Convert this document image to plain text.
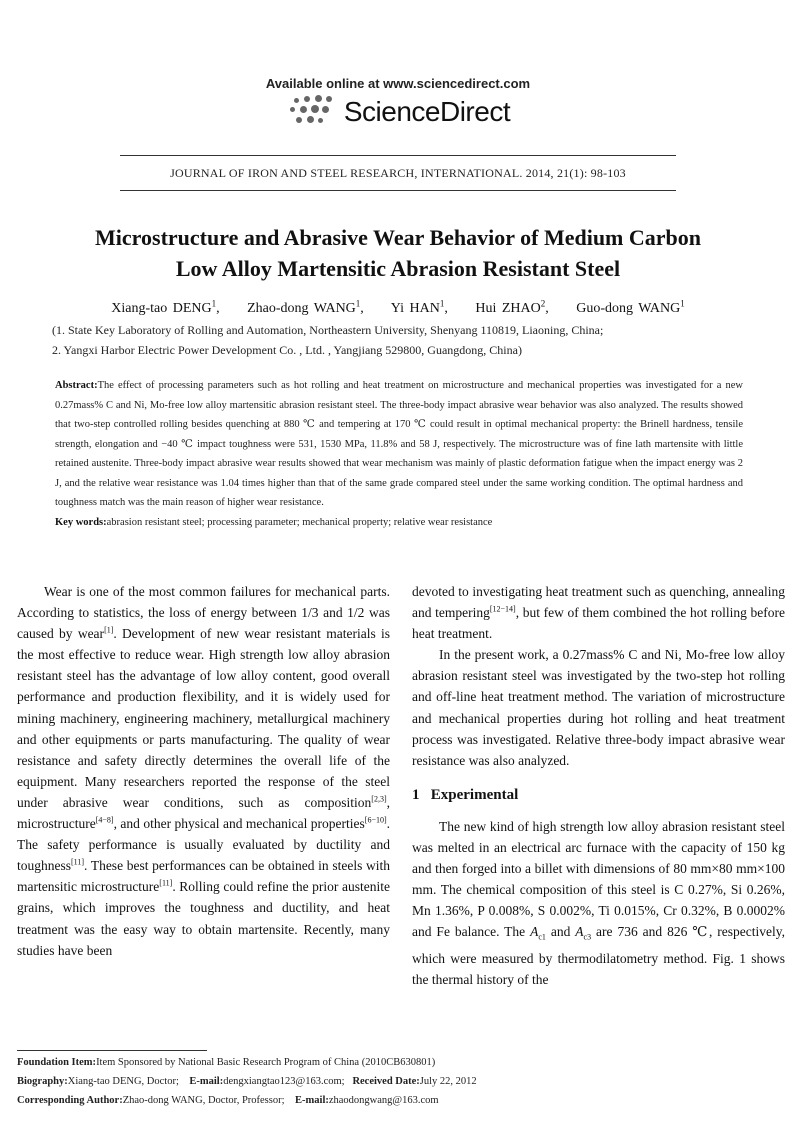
Available online at www.sciencedirect.com
ScienceDirect
JOURNAL OF IRON AND STEEL RESEARCH, INTERNATIONAL. 2014, 21(1): 98-103
Microstructure and Abrasive Wear Behavior of Medium Carbon
Low Alloy Martensitic Abrasion Resistant Steel
Xiang-tao DENG$^1$, Zhao-dong WANG$^1$, Yi HAN$^1$, Hui ZHAO$^2$, Guo-dong WANG$^1$
(1. State Key Laboratory of Rolling and Automation, Northeastern University, Shenyang 110819, Liaoning, China;
2. Yangxi Harbor Electric Power Development Co. , Ltd. , Yangjiang 529800, Guangdong, China)
Abstract:The effect of processing parameters such as hot rolling and heat treatment on microstructure and mechanical properties was investigated for a new 0.27mass% C and Ni, Mo-free low alloy martensitic abrasion resistant steel. The three-body impact abrasive wear behavior was also analyzed. The results showed that two-step controlled rolling besides quenching at 880 ℃ and tempering at 170 ℃ could result in optimal mechanical property: the Brinell hardness, tensile strength, elongation and −40 ℃ impact toughness were 531, 1530 MPa, 11.8% and 58 J, respectively. The microstructure was of fine lath martensite with little retained austenite. Three-body impact abrasive wear results showed that wear mechanism was mainly of plastic deformation fatigue when the impact energy was 2 J, and the relative wear resistance was 1.04 times higher than that of the same grade compared steel under the same working condition. The optimal hardness and toughness match was the main reason of higher wear resistance.
Key words:abrasion resistant steel; processing parameter; mechanical property; relative wear resistance

Wear is one of the most common failures for mechanical parts. According to statistics, the loss of energy between 1/3 and 1/2 was caused by wear[1]. Development of new wear resistant materials is the most effective to reduce wear. High strength low alloy abrasion resistant steel has the advantage of low alloy content, good overall performance and production flexibility, and it is widely used for mining machinery, engineering machinery, metallurgical machinery and other equipments or parts manufacturing. The quality of wear resistance and safety directly determines the overall life of the equipment. Many researchers reported the response of the steel under abrasive wear conditions, such as composition[2,3], microstructure[4−8], and other physical and mechanical properties[6−10]. The safety performance is usually evaluated by ductility and toughness[11]. These best performances can be obtained in steels with martensitic microstructure[11]. Rolling could refine the prior austenite grains, which improves the toughness and ductility, and heat treatment was the easy way to obtain martensite. Recently, many studies have been

devoted to investigating heat treatment such as quenching, annealing and tempering[12−14], but few of them combined the hot rolling before heat treatment.

In the present work, a 0.27mass% C and Ni, Mo-free low alloy abrasion resistant steel was investigated by the two-step hot rolling and off-line heat treatment method. The variation of microstructure and mechanical properties during hot rolling and heat treatment process was investigated. Relative three-body impact abrasive wear resistance was also analyzed.

1 Experimental

The new kind of high strength low alloy abrasion resistant steel was melted in an electrical arc furnace with the capacity of 150 kg and then forged into a billet with dimensions of 80 mm×80 mm×100 mm. The chemical composition of this steel is C 0.27%, Si 0.26%, Mn 1.36%, P 0.008%, S 0.002%, Ti 0.015%, Cr 0.32%, B 0.0002% and Fe balance. The $A_{c1}$ and $A_{c3}$ are 736 and 826 ℃, respectively, which were measured by thermodilatometry method. Fig. 1 shows the thermal history of the

Foundation Item:Item Sponsored by National Basic Research Program of China (2010CB630801)
Biography:Xiang-tao DENG, Doctor; E-mail:dengxiangtao123@163.com; Received Date:July 22, 2012
Corresponding Author:Zhao-dong WANG, Doctor, Professor; E-mail:zhaodongwang@163.com
